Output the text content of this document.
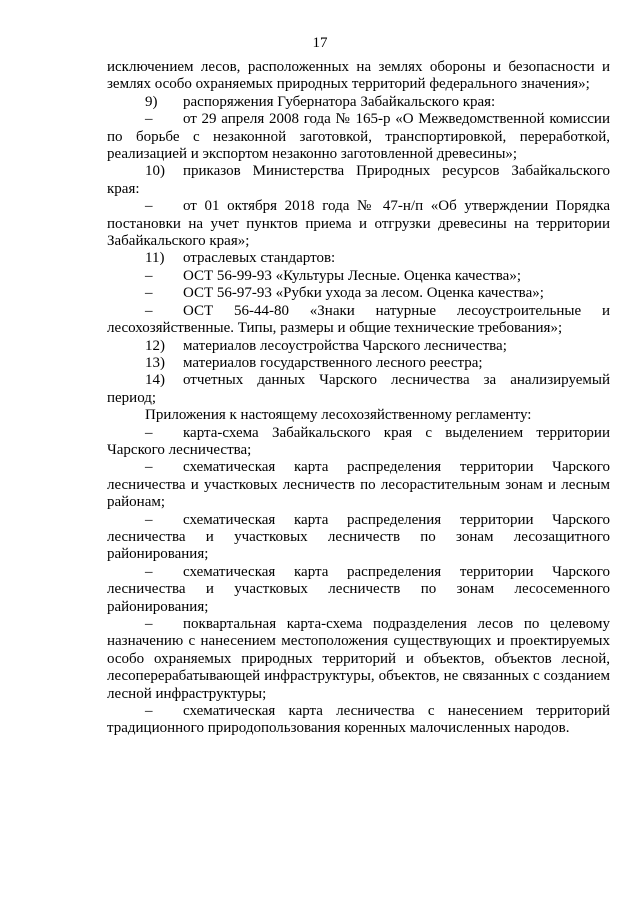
17
исключением лесов, расположенных на землях обороны и безопасности и землях особо охраняемых природных территорий федерального значения»;
9) распоряжения Губернатора Забайкальского края:
– от 29 апреля 2008 года № 165-р «О Межведомственной комиссии по борьбе с незаконной заготовкой, транспортировкой, переработкой, реализацией и экспортом незаконно заготовленной древесины»;
10) приказов Министерства Природных ресурсов Забайкальского края:
– от 01 октября 2018 года № 47-н/п «Об утверждении Порядка постановки на учет пунктов приема и отгрузки древесины на территории Забайкальского края»;
11) отраслевых стандартов:
– ОСТ 56-99-93 «Культуры Лесные. Оценка качества»;
– ОСТ 56-97-93 «Рубки ухода за лесом. Оценка качества»;
– ОСТ 56-44-80 «Знаки натурные лесоустроительные и лесохозяйственные. Типы, размеры и общие технические требования»;
12) материалов лесоустройства Чарского лесничества;
13) материалов государственного лесного реестра;
14) отчетных данных Чарского лесничества за анализируемый период;
Приложения к настоящему лесохозяйственному регламенту:
– карта-схема Забайкальского края с выделением территории Чарского лесничества;
– схематическая карта распределения территории Чарского лесничества и участковых лесничеств по лесорастительным зонам и лесным районам;
– схематическая карта распределения территории Чарского лесничества и участковых лесничеств по зонам лесозащитного районирования;
– схематическая карта распределения территории Чарского лесничества и участковых лесничеств по зонам лесосеменного районирования;
– поквартальная карта-схема подразделения лесов по целевому назначению с нанесением местоположения существующих и проектируемых особо охраняемых природных территорий и объектов, объектов лесной, лесоперерабатывающей инфраструктуры, объектов, не связанных с созданием лесной инфраструктуры;
– схематическая карта лесничества с нанесением территорий традиционного природопользования коренных малочисленных народов.
